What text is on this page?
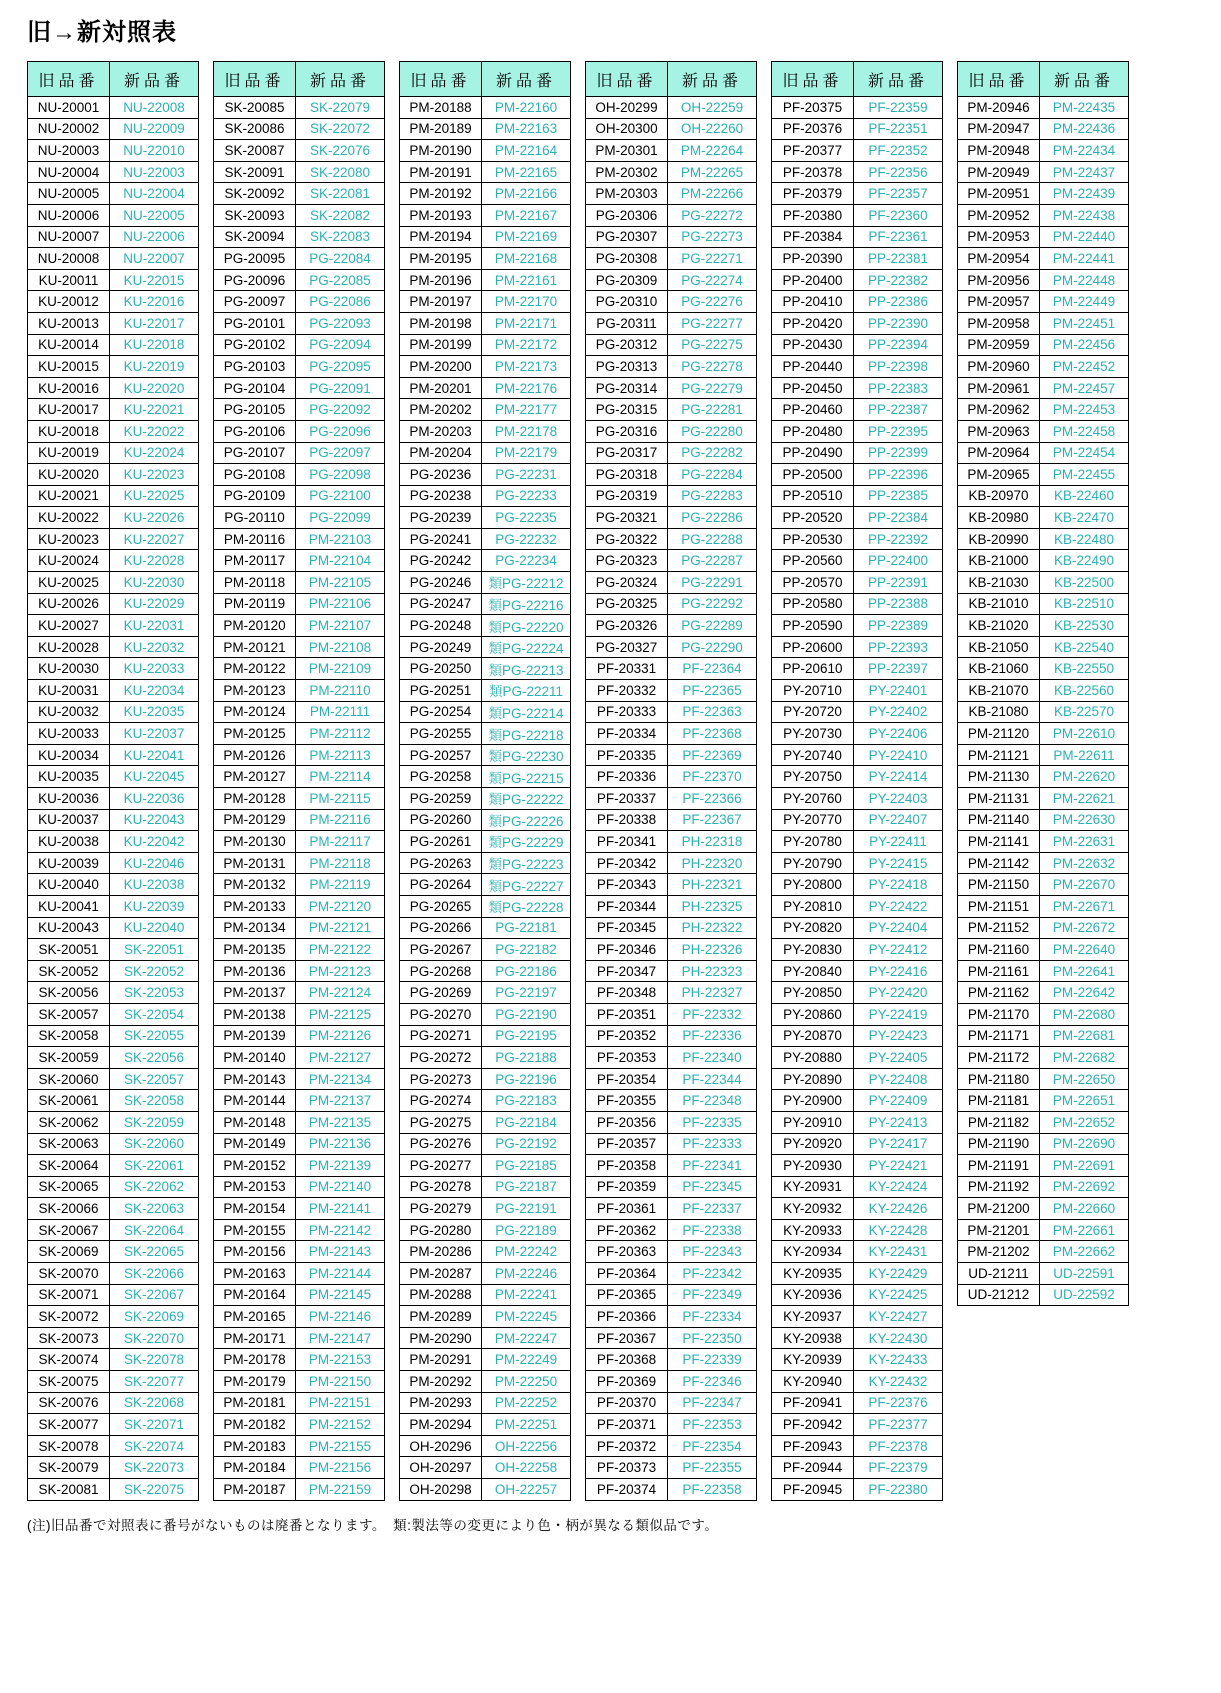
旧→新対照表
旧品番	新品番
NU-20001	NU-22008
NU-20002	NU-22009
NU-20003	NU-22010
NU-20004	NU-22003
NU-20005	NU-22004
NU-20006	NU-22005
NU-20007	NU-22006
NU-20008	NU-22007
KU-20011	KU-22015
KU-20012	KU-22016
KU-20013	KU-22017
KU-20014	KU-22018
KU-20015	KU-22019
KU-20016	KU-22020
KU-20017	KU-22021
KU-20018	KU-22022
KU-20019	KU-22024
KU-20020	KU-22023
KU-20021	KU-22025
KU-20022	KU-22026
KU-20023	KU-22027
KU-20024	KU-22028
KU-20025	KU-22030
KU-20026	KU-22029
KU-20027	KU-22031
KU-20028	KU-22032
KU-20030	KU-22033
KU-20031	KU-22034
KU-20032	KU-22035
KU-20033	KU-22037
KU-20034	KU-22041
KU-20035	KU-22045
KU-20036	KU-22036
KU-20037	KU-22043
KU-20038	KU-22042
KU-20039	KU-22046
KU-20040	KU-22038
KU-20041	KU-22039
KU-20043	KU-22040
SK-20051	SK-22051
SK-20052	SK-22052
SK-20056	SK-22053
SK-20057	SK-22054
SK-20058	SK-22055
SK-20059	SK-22056
SK-20060	SK-22057
SK-20061	SK-22058
SK-20062	SK-22059
SK-20063	SK-22060
SK-20064	SK-22061
SK-20065	SK-22062
SK-20066	SK-22063
SK-20067	SK-22064
SK-20069	SK-22065
SK-20070	SK-22066
SK-20071	SK-22067
SK-20072	SK-22069
SK-20073	SK-22070
SK-20074	SK-22078
SK-20075	SK-22077
SK-20076	SK-22068
SK-20077	SK-22071
SK-20078	SK-22074
SK-20079	SK-22073
SK-20081	SK-22075
旧品番	新品番
SK-20085	SK-22079
SK-20086	SK-22072
SK-20087	SK-22076
SK-20091	SK-22080
SK-20092	SK-22081
SK-20093	SK-22082
SK-20094	SK-22083
PG-20095	PG-22084
PG-20096	PG-22085
PG-20097	PG-22086
PG-20101	PG-22093
PG-20102	PG-22094
PG-20103	PG-22095
PG-20104	PG-22091
PG-20105	PG-22092
PG-20106	PG-22096
PG-20107	PG-22097
PG-20108	PG-22098
PG-20109	PG-22100
PG-20110	PG-22099
PM-20116	PM-22103
PM-20117	PM-22104
PM-20118	PM-22105
PM-20119	PM-22106
PM-20120	PM-22107
PM-20121	PM-22108
PM-20122	PM-22109
PM-20123	PM-22110
PM-20124	PM-22111
PM-20125	PM-22112
PM-20126	PM-22113
PM-20127	PM-22114
PM-20128	PM-22115
PM-20129	PM-22116
PM-20130	PM-22117
PM-20131	PM-22118
PM-20132	PM-22119
PM-20133	PM-22120
PM-20134	PM-22121
PM-20135	PM-22122
PM-20136	PM-22123
PM-20137	PM-22124
PM-20138	PM-22125
PM-20139	PM-22126
PM-20140	PM-22127
PM-20143	PM-22134
PM-20144	PM-22137
PM-20148	PM-22135
PM-20149	PM-22136
PM-20152	PM-22139
PM-20153	PM-22140
PM-20154	PM-22141
PM-20155	PM-22142
PM-20156	PM-22143
PM-20163	PM-22144
PM-20164	PM-22145
PM-20165	PM-22146
PM-20171	PM-22147
PM-20178	PM-22153
PM-20179	PM-22150
PM-20181	PM-22151
PM-20182	PM-22152
PM-20183	PM-22155
PM-20184	PM-22156
PM-20187	PM-22159
旧品番	新品番
PM-20188	PM-22160
PM-20189	PM-22163
PM-20190	PM-22164
PM-20191	PM-22165
PM-20192	PM-22166
PM-20193	PM-22167
PM-20194	PM-22169
PM-20195	PM-22168
PM-20196	PM-22161
PM-20197	PM-22170
PM-20198	PM-22171
PM-20199	PM-22172
PM-20200	PM-22173
PM-20201	PM-22176
PM-20202	PM-22177
PM-20203	PM-22178
PM-20204	PM-22179
PG-20236	PG-22231
PG-20238	PG-22233
PG-20239	PG-22235
PG-20241	PG-22232
PG-20242	PG-22234
PG-20246	類PG-22212
PG-20247	類PG-22216
PG-20248	類PG-22220
PG-20249	類PG-22224
PG-20250	類PG-22213
PG-20251	類PG-22211
PG-20254	類PG-22214
PG-20255	類PG-22218
PG-20257	類PG-22230
PG-20258	類PG-22215
PG-20259	類PG-22222
PG-20260	類PG-22226
PG-20261	類PG-22229
PG-20263	類PG-22223
PG-20264	類PG-22227
PG-20265	類PG-22228
PG-20266	PG-22181
PG-20267	PG-22182
PG-20268	PG-22186
PG-20269	PG-22197
PG-20270	PG-22190
PG-20271	PG-22195
PG-20272	PG-22188
PG-20273	PG-22196
PG-20274	PG-22183
PG-20275	PG-22184
PG-20276	PG-22192
PG-20277	PG-22185
PG-20278	PG-22187
PG-20279	PG-22191
PG-20280	PG-22189
PM-20286	PM-22242
PM-20287	PM-22246
PM-20288	PM-22241
PM-20289	PM-22245
PM-20290	PM-22247
PM-20291	PM-22249
PM-20292	PM-22250
PM-20293	PM-22252
PM-20294	PM-22251
OH-20296	OH-22256
OH-20297	OH-22258
OH-20298	OH-22257
旧品番	新品番
OH-20299	OH-22259
OH-20300	OH-22260
PM-20301	PM-22264
PM-20302	PM-22265
PM-20303	PM-22266
PG-20306	PG-22272
PG-20307	PG-22273
PG-20308	PG-22271
PG-20309	PG-22274
PG-20310	PG-22276
PG-20311	PG-22277
PG-20312	PG-22275
PG-20313	PG-22278
PG-20314	PG-22279
PG-20315	PG-22281
PG-20316	PG-22280
PG-20317	PG-22282
PG-20318	PG-22284
PG-20319	PG-22283
PG-20321	PG-22286
PG-20322	PG-22288
PG-20323	PG-22287
PG-20324	PG-22291
PG-20325	PG-22292
PG-20326	PG-22289
PG-20327	PG-22290
PF-20331	PF-22364
PF-20332	PF-22365
PF-20333	PF-22363
PF-20334	PF-22368
PF-20335	PF-22369
PF-20336	PF-22370
PF-20337	PF-22366
PF-20338	PF-22367
PF-20341	PH-22318
PF-20342	PH-22320
PF-20343	PH-22321
PF-20344	PH-22325
PF-20345	PH-22322
PF-20346	PH-22326
PF-20347	PH-22323
PF-20348	PH-22327
PF-20351	PF-22332
PF-20352	PF-22336
PF-20353	PF-22340
PF-20354	PF-22344
PF-20355	PF-22348
PF-20356	PF-22335
PF-20357	PF-22333
PF-20358	PF-22341
PF-20359	PF-22345
PF-20361	PF-22337
PF-20362	PF-22338
PF-20363	PF-22343
PF-20364	PF-22342
PF-20365	PF-22349
PF-20366	PF-22334
PF-20367	PF-22350
PF-20368	PF-22339
PF-20369	PF-22346
PF-20370	PF-22347
PF-20371	PF-22353
PF-20372	PF-22354
PF-20373	PF-22355
PF-20374	PF-22358
旧品番	新品番
PF-20375	PF-22359
PF-20376	PF-22351
PF-20377	PF-22352
PF-20378	PF-22356
PF-20379	PF-22357
PF-20380	PF-22360
PF-20384	PF-22361
PP-20390	PP-22381
PP-20400	PP-22382
PP-20410	PP-22386
PP-20420	PP-22390
PP-20430	PP-22394
PP-20440	PP-22398
PP-20450	PP-22383
PP-20460	PP-22387
PP-20480	PP-22395
PP-20490	PP-22399
PP-20500	PP-22396
PP-20510	PP-22385
PP-20520	PP-22384
PP-20530	PP-22392
PP-20560	PP-22400
PP-20570	PP-22391
PP-20580	PP-22388
PP-20590	PP-22389
PP-20600	PP-22393
PP-20610	PP-22397
PY-20710	PY-22401
PY-20720	PY-22402
PY-20730	PY-22406
PY-20740	PY-22410
PY-20750	PY-22414
PY-20760	PY-22403
PY-20770	PY-22407
PY-20780	PY-22411
PY-20790	PY-22415
PY-20800	PY-22418
PY-20810	PY-22422
PY-20820	PY-22404
PY-20830	PY-22412
PY-20840	PY-22416
PY-20850	PY-22420
PY-20860	PY-22419
PY-20870	PY-22423
PY-20880	PY-22405
PY-20890	PY-22408
PY-20900	PY-22409
PY-20910	PY-22413
PY-20920	PY-22417
PY-20930	PY-22421
KY-20931	KY-22424
KY-20932	KY-22426
KY-20933	KY-22428
KY-20934	KY-22431
KY-20935	KY-22429
KY-20936	KY-22425
KY-20937	KY-22427
KY-20938	KY-22430
KY-20939	KY-22433
KY-20940	KY-22432
PF-20941	PF-22376
PF-20942	PF-22377
PF-20943	PF-22378
PF-20944	PF-22379
PF-20945	PF-22380
旧品番	新品番
PM-20946	PM-22435
PM-20947	PM-22436
PM-20948	PM-22434
PM-20949	PM-22437
PM-20951	PM-22439
PM-20952	PM-22438
PM-20953	PM-22440
PM-20954	PM-22441
PM-20956	PM-22448
PM-20957	PM-22449
PM-20958	PM-22451
PM-20959	PM-22456
PM-20960	PM-22452
PM-20961	PM-22457
PM-20962	PM-22453
PM-20963	PM-22458
PM-20964	PM-22454
PM-20965	PM-22455
KB-20970	KB-22460
KB-20980	KB-22470
KB-20990	KB-22480
KB-21000	KB-22490
KB-21030	KB-22500
KB-21010	KB-22510
KB-21020	KB-22530
KB-21050	KB-22540
KB-21060	KB-22550
KB-21070	KB-22560
KB-21080	KB-22570
PM-21120	PM-22610
PM-21121	PM-22611
PM-21130	PM-22620
PM-21131	PM-22621
PM-21140	PM-22630
PM-21141	PM-22631
PM-21142	PM-22632
PM-21150	PM-22670
PM-21151	PM-22671
PM-21152	PM-22672
PM-21160	PM-22640
PM-21161	PM-22641
PM-21162	PM-22642
PM-21170	PM-22680
PM-21171	PM-22681
PM-21172	PM-22682
PM-21180	PM-22650
PM-21181	PM-22651
PM-21182	PM-22652
PM-21190	PM-22690
PM-21191	PM-22691
PM-21192	PM-22692
PM-21200	PM-22660
PM-21201	PM-22661
PM-21202	PM-22662
UD-21211	UD-22591
UD-21212	UD-22592
(注)旧品番で対照表に番号がないものは廃番となります。　類:製法等の変更により色・柄が異なる類似品です。
